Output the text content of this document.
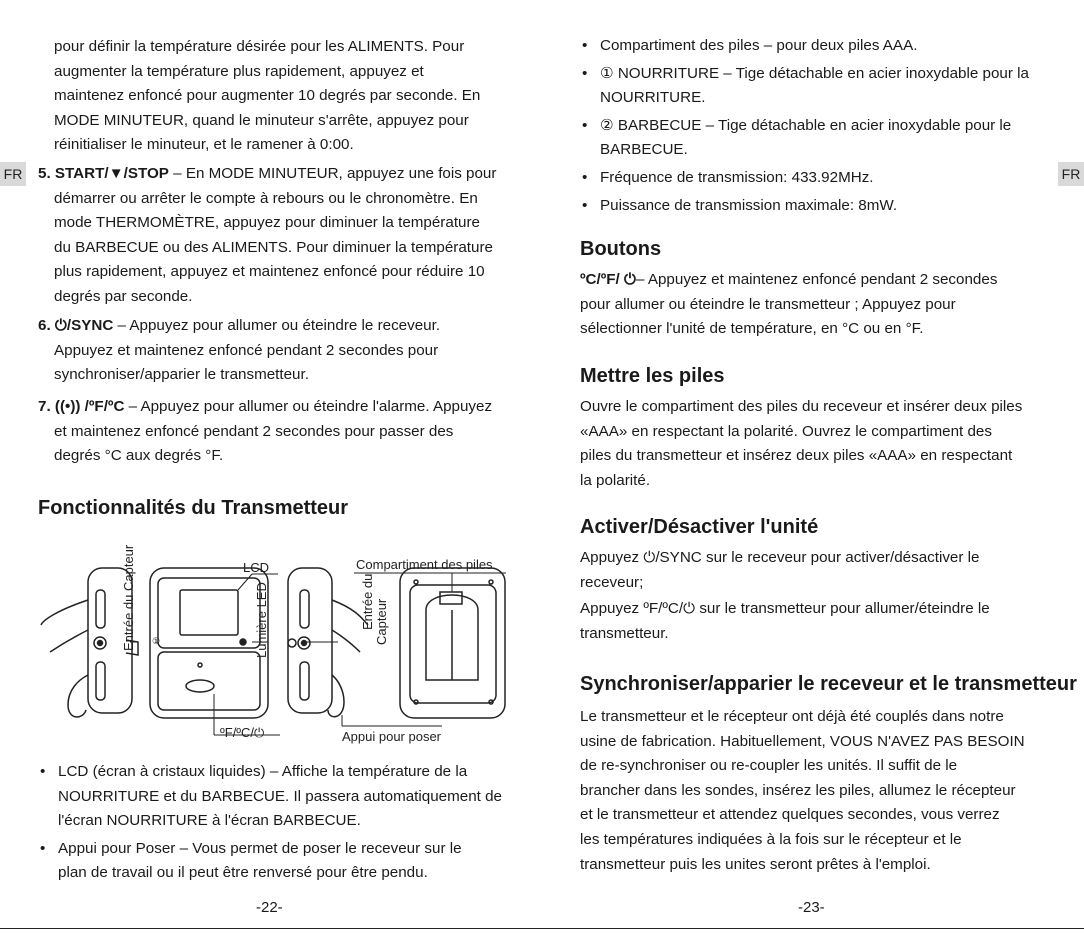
FR	FR
pour définir la température désirée pour les ALIMENTS. Pour
augmenter la température plus rapidement, appuyez et
maintenez enfoncé pour augmenter 10 degrés par seconde. En
MODE MINUTEUR, quand le minuteur s'arrête, appuyez pour
réinitialiser le minuteur, et le ramener à 0:00.
5. START/▼/STOP – En MODE MINUTEUR, appuyez une fois pour
démarrer ou arrêter le compte à rebours ou le chronomètre. En
mode THERMOMÈTRE, appuyez pour diminuer la température
du BARBECUE ou des ALIMENTS. Pour diminuer la température
plus rapidement, appuyez et maintenez enfoncé pour réduire 10
degrés par seconde.
6. ⏻/SYNC – Appuyez pour allumer ou éteindre le receveur.
Appuyez et maintenez enfoncé pendant 2 secondes pour
synchroniser/apparier le transmetteur.
7. ((•)) /ºF/ºC – Appuyez pour allumer ou éteindre l'alarme. Appuyez
et maintenez enfoncé pendant 2 secondes pour passer des
degrés °C aux degrés °F.
Fonctionnalités du Transmetteur
①
Entrée du Capteur	LCD
Lumière LED
Compartiment des piles
Entrée du Capteur
ºF/ºC/⏻	Appui pour poser
• LCD (écran à cristaux liquides) – Affiche la température de la
NOURRITURE et du BARBECUE. Il passera automatiquement de
l'écran NOURRITURE à l'écran BARBECUE.
• Appui pour Poser – Vous permet de poser le receveur sur le
plan de travail ou il peut être renversé pour être pendu.
-22-
• Compartiment des piles – pour deux piles AAA.
• ① NOURRITURE – Tige détachable en acier inoxydable pour la
NOURRITURE.
• ② BARBECUE – Tige détachable en acier inoxydable pour le
BARBECUE.
• Fréquence de transmission: 433.92MHz.
• Puissance de transmission maximale: 8mW.
Boutons
ºC/ºF/ ⏻– Appuyez et maintenez enfoncé pendant 2 secondes
pour allumer ou éteindre le transmetteur ; Appuyez pour
sélectionner l'unité de température, en °C ou en °F.
Mettre les piles
Ouvre le compartiment des piles du receveur et insérer deux piles
«AAA» en respectant la polarité. Ouvrez le compartiment des
piles du transmetteur et insérez deux piles «AAA» en respectant
la polarité.
Activer/Désactiver l'unité
Appuyez ⏻/SYNC sur le receveur pour activer/désactiver le
receveur;
Appuyez ºF/ºC/⏻ sur le transmetteur pour allumer/éteindre le
transmetteur.
Synchroniser/apparier le receveur et le transmetteur
Le transmetteur et le récepteur ont déjà été couplés dans notre
usine de fabrication. Habituellement, VOUS N'AVEZ PAS BESOIN
de re-synchroniser ou re-coupler les unités. Il suffit de le
brancher dans les sondes, insérez les piles, allumez le récepteur
et le transmetteur et attendez quelques secondes, vous verrez
les températures indiquées à la fois sur le récepteur et le
transmetteur puis les unites seront prêtes à l'emploi.
-23-
